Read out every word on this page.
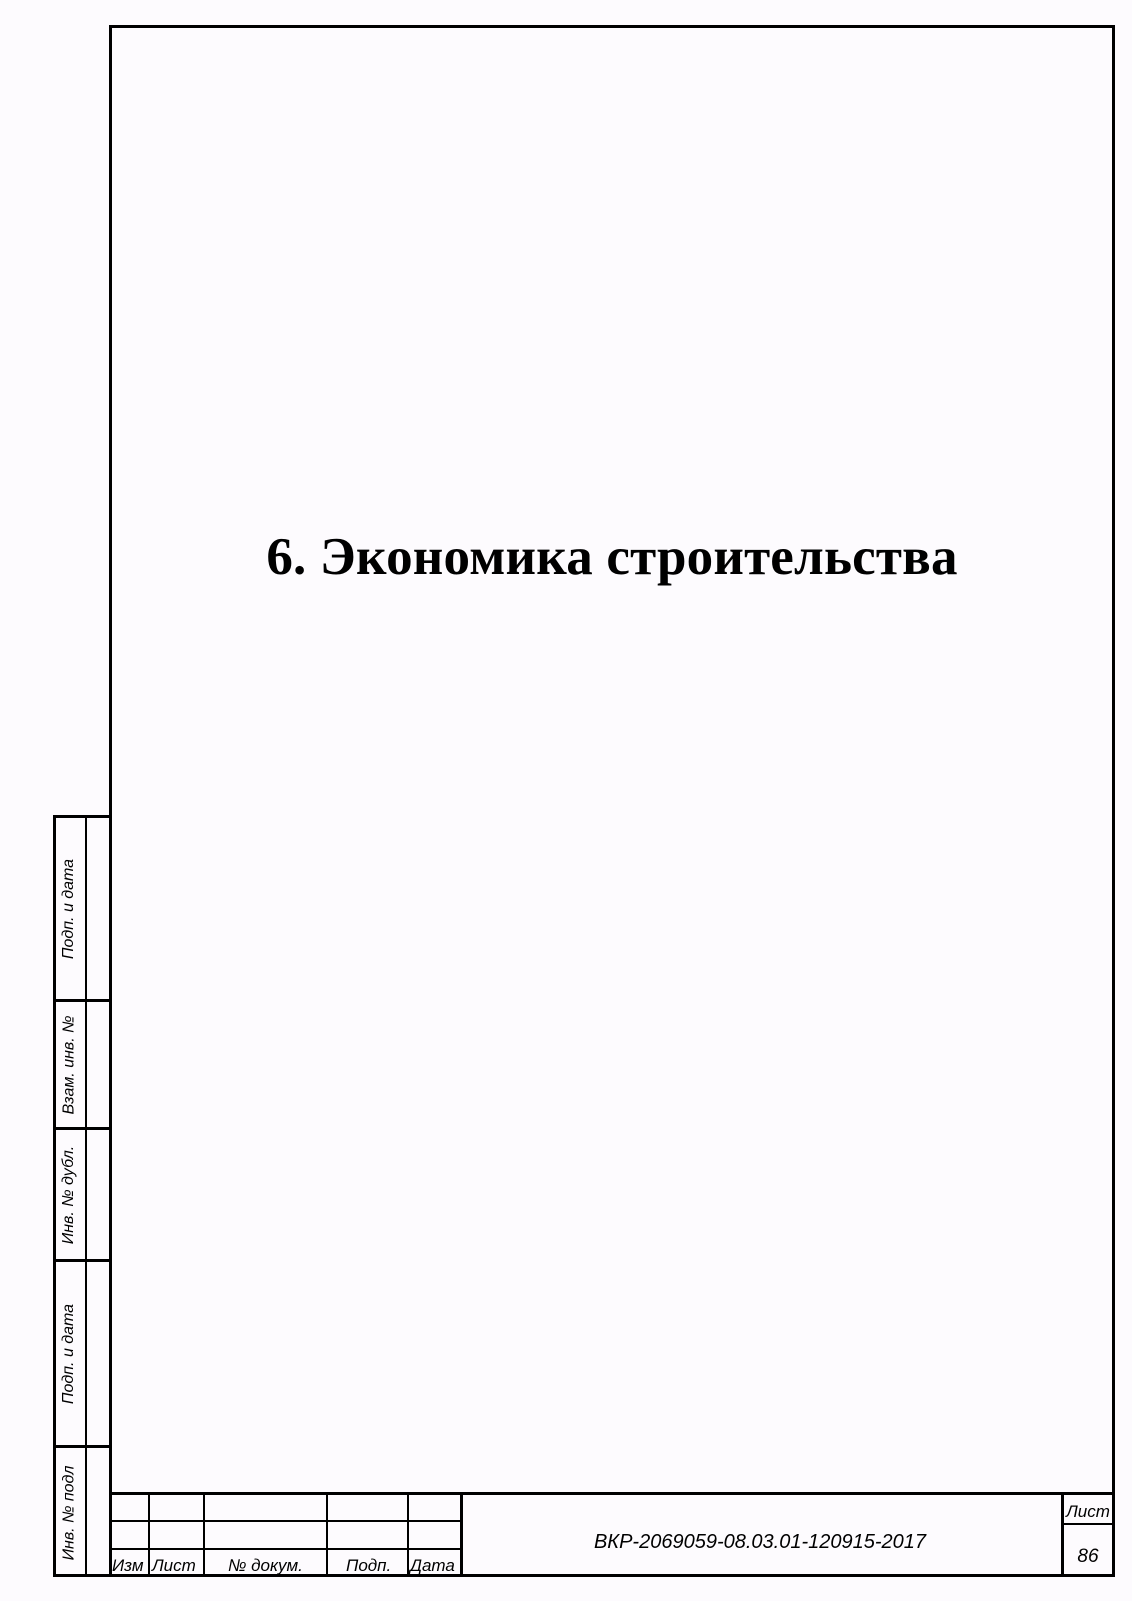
6. Экономика строительства
Подп. и дата
Взам. инв. №
Инв. № дубл.
Подп. и дата
Инв. № подл
Изм Лист № докум.	Подп. Дата
ВКР-2069059-08.03.01-120915-2017
Лист
86
